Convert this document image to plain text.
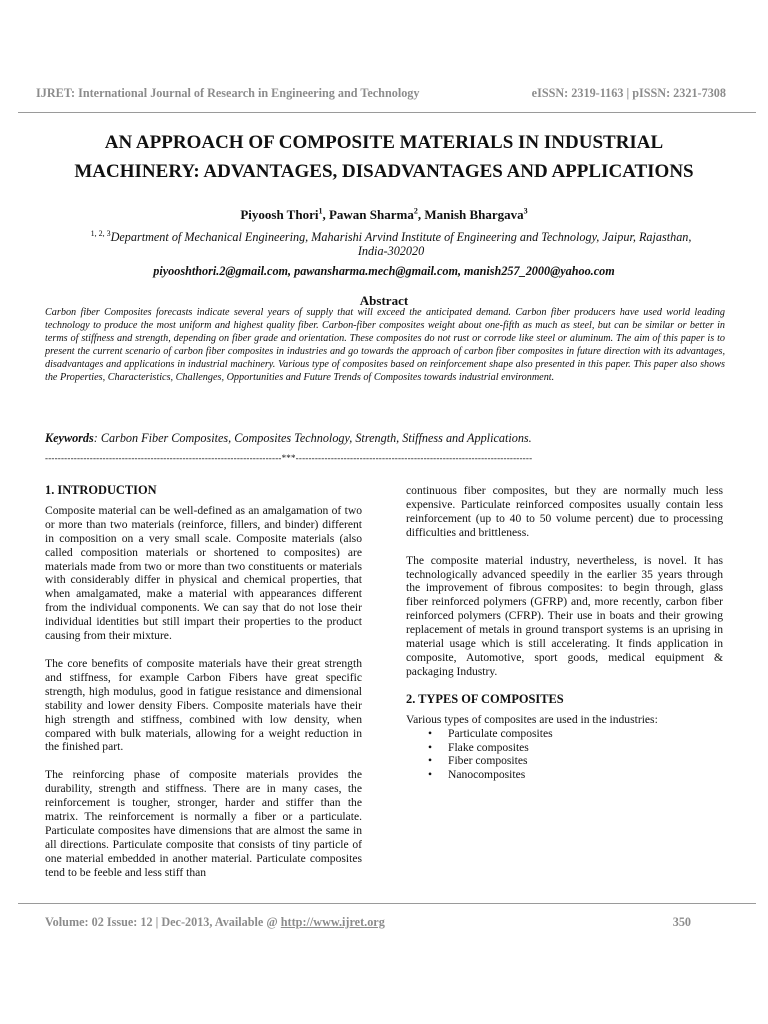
IJRET: International Journal of Research in Engineering and Technology	eISSN: 2319-1163 | pISSN: 2321-7308
AN APPROACH OF COMPOSITE MATERIALS IN INDUSTRIAL
MACHINERY: ADVANTAGES, DISADVANTAGES AND APPLICATIONS
Piyoosh Thori$^1$, Pawan Sharma$^2$, Manish Bhargava$^3$
$^{1, 2, 3}$Department of Mechanical Engineering, Maharishi Arvind Institute of Engineering and Technology, Jaipur, Rajasthan, India-302020
piyooshthori.2@gmail.com, pawansharma.mech@gmail.com, manish257_2000@yahoo.com
Abstract
Carbon fiber Composites forecasts indicate several years of supply that will exceed the anticipated demand. Carbon fiber producers have used world leading technology to produce the most uniform and highest quality fiber. Carbon-fiber composites weight about one-fifth as much as steel, but can be similar or better in terms of stiffness and strength, depending on fiber grade and orientation. These composites do not rust or corrode like steel or aluminum. The aim of this paper is to present the current scenario of carbon fiber composites in industries and go towards the approach of carbon fiber composites in future direction with its advantages, disadvantages and applications in industrial machinery. Various type of composites based on reinforcement shape also presented in this paper. This paper also shows the Properties, Characteristics, Challenges, Opportunities and Future Trends of Composites towards industrial environment.
Keywords: Carbon Fiber Composites, Composites Technology, Strength, Stiffness and Applications.
--------------------------------------------------------------------------***--------------------------------------------------------------------------
1. INTRODUCTION

Composite material can be well-defined as an amalgamation of two or more than two materials (reinforce, fillers, and binder) different in composition on a very small scale. Composite materials (also called composition materials or shortened to composites) are materials made from two or more than two constituents or materials with considerably differ in physical and chemical properties, that when amalgamated, make a material with appearances different from the individual components. We can say that do not lose their individual identities but still impart their properties to the product causing from their mixture.

The core benefits of composite materials have their great strength and stiffness, for example Carbon Fibers have great specific strength, high modulus, good in fatigue resistance and dimensional stability and lower density Fibers. Composite materials have their high strength and stiffness, combined with low density, when compared with bulk materials, allowing for a weight reduction in the finished part.

The reinforcing phase of composite materials provides the durability, strength and stiffness. There are in many cases, the reinforcement is tougher, stronger, harder and stiffer than the matrix. The reinforcement is normally a fiber or a particulate. Particulate composites have dimensions that are almost the same in all directions. Particulate composite that consists of tiny particle of one material embedded in another material. Particulate composites tend to be feeble and less stiff than

continuous fiber composites, but they are normally much less expensive. Particulate reinforced composites usually contain less reinforcement (up to 40 to 50 volume percent) due to processing difficulties and brittleness.

The composite material industry, nevertheless, is novel. It has technologically advanced speedily in the earlier 35 years through the improvement of fibrous composites: to begin through, glass fiber reinforced polymers (GFRP) and, more recently, carbon fiber reinforced polymers (CFRP). Their use in boats and their growing replacement of metals in ground transport systems is an uprising in material usage which is still accelerating. It finds application in composite, Automotive, sport goods, medical equipment & packaging Industry.

2. TYPES OF COMPOSITES
Various types of composites are used in the industries:
• Particulate composites
• Flake composites
• Fiber composites
• Nanocomposites
Volume: 02 Issue: 12 | Dec-2013, Available @ http://www.ijret.org	350
